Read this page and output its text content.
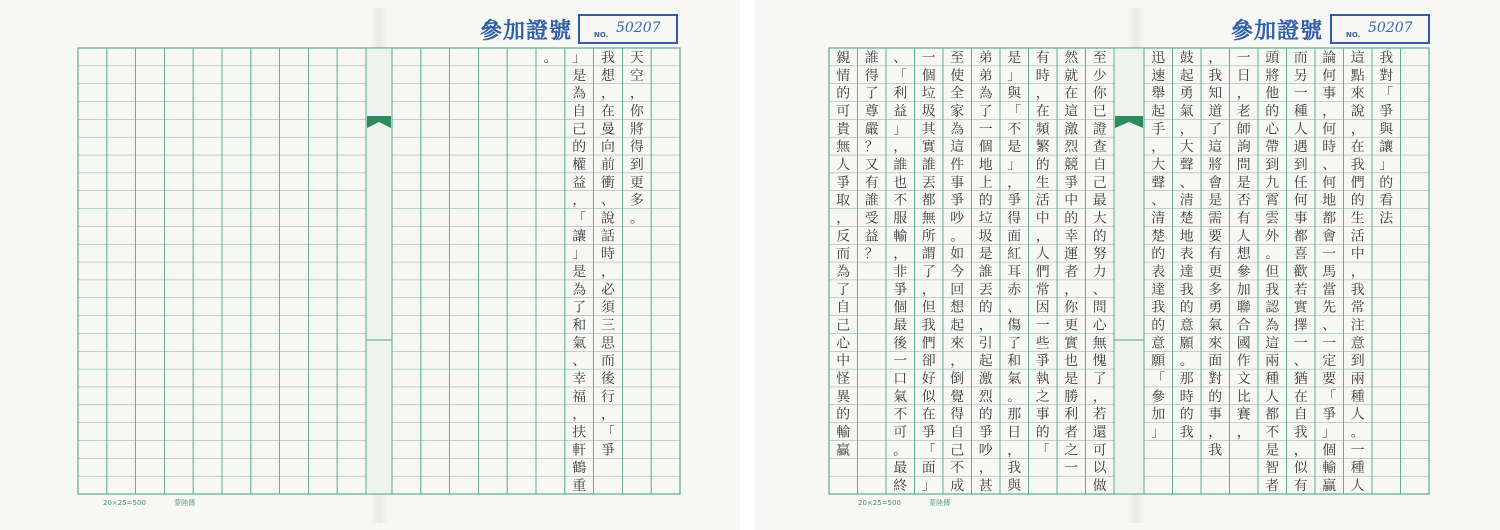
參加證號	NO. 50207
天
空
，
你
將
得
到
更
多
。
我
想
，
在
曼
向
前
衝
、
說
話
時
，
必
須
三
思
而
後
行
，
「
爭
」
是
為
自
己
的
權
益
，
「
讓
」
是
為
了
和
氣
、
幸
福
，
扶
軒
鶴
重
。
20×25=500	蒙陸傳
參加證號	NO. 50207
我
對
「
爭
與
讓
」
的
看
法
這
點
來
說
，
在
我
們
的
生
活
中
，
我
常
注
意
到
兩
種
人
。
一
種
人
論
何
事
，
何
時
、
何
地
都
會
一
馬
當
先
、
一
定
要
「
爭
」
個
輸
贏
而
另
一
種
人
遇
到
任
何
事
都
喜
歡
若
實
擇
一
、
猶
在
自
我
，
似
有
頭
將
他
的
心
帶
到
九
霄
雲
外
。
但
我
認
為
這
兩
種
人
都
不
是
智
者
一
日
，
老
師
詢
問
是
否
有
人
想
參
加
聯
合
國
作
文
比
賽
，
，
我
知
道
了
這
將
會
是
需
要
有
更
多
勇
氣
來
面
對
的
事
，
我
鼓
起
勇
氣
，
大
聲
、
清
楚
地
表
達
我
的
意
願
。
那
時
的
我
迅
速
舉
起
手
，
大
聲
、
清
楚
的
表
達
我
的
意
願
「
參
加
」
至
少
你
已
證
查
自
己
最
大
的
努
力
、
問
心
無
愧
了
，
若
還
可
以
做
然
就
在
這
激
烈
競
爭
中
的
幸
運
者
，
你
更
實
也
是
勝
利
者
之
一
有
時
，
在
頻
繁
的
生
活
中
，
人
們
常
因
一
些
爭
執
之
事
的
「
是
」
與
「
不
是
」
，
爭
得
面
紅
耳
赤
、
傷
了
和
氣
。
那
日
，
我
與
弟
弟
為
了
一
個
地
上
的
垃
圾
是
誰
丟
的
，
引
起
激
烈
的
爭
吵
，
甚
至
使
全
家
為
這
件
事
爭
吵
。
如
今
回
想
起
來
，
倒
覺
得
自
己
不
成
一
個
垃
圾
其
實
誰
丟
都
無
所
謂
了
，
但
我
們
卻
好
似
在
爭
「
面
」
、
「
利
益
」
，
誰
也
不
服
輸
，
非
爭
個
最
後
一
口
氣
不
可
。
最
終
誰
得
了
尊
嚴
？
又
有
誰
受
益
？
親
情
的
可
貴
無
人
爭
取
，
反
而
為
了
自
己
心
中
怪
異
的
輸
贏
20×25=500	蒙陸傳
